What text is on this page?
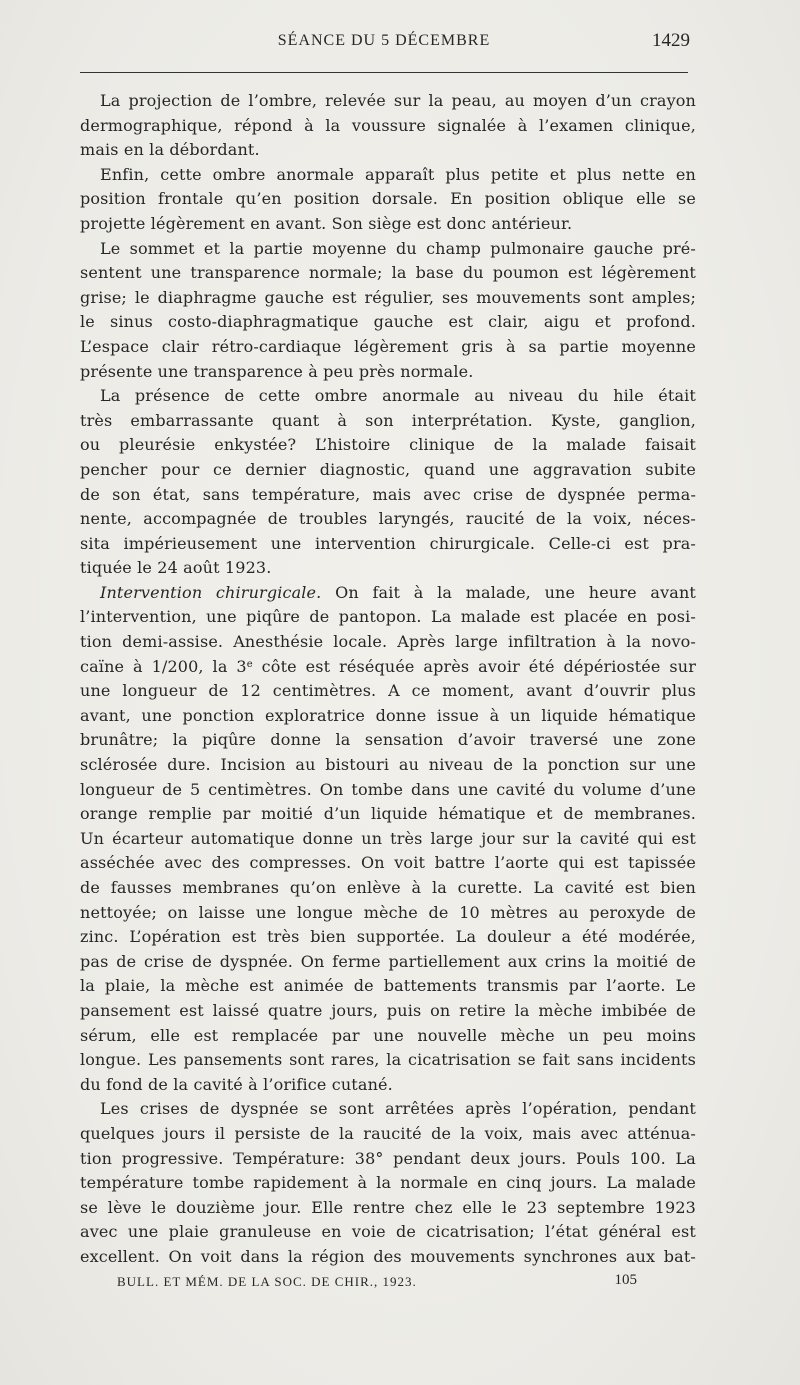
SÉANCE DU 5 DÉCEMBRE	1429

La projection de l’ombre, relevée sur la peau, au moyen d’un crayon

dermographique, répond à la voussure signalée à l’examen clinique,

mais en la débordant.

Enfin, cette ombre anormale apparaît plus petite et plus nette en

position frontale qu’en position dorsale. En position oblique elle se

projette légèrement en avant. Son siège est donc antérieur.

Le sommet et la partie moyenne du champ pulmonaire gauche pré-

sentent une transparence normale; la base du poumon est légèrement

grise; le diaphragme gauche est régulier, ses mouvements sont amples;

le sinus costo-diaphragmatique gauche est clair, aigu et profond.

L’espace clair rétro-cardiaque légèrement gris à sa partie moyenne

présente une transparence à peu près normale.

La présence de cette ombre anormale au niveau du hile était

très embarrassante quant à son interprétation. Kyste, ganglion,

ou pleurésie enkystée? L’histoire clinique de la malade faisait

pencher pour ce dernier diagnostic, quand une aggravation subite

de son état, sans température, mais avec crise de dyspnée perma-

nente, accompagnée de troubles laryngés, raucité de la voix, néces-

sita impérieusement une intervention chirurgicale. Celle-ci est pra-

tiquée le 24 août 1923.

Intervention chirurgicale. On fait à la malade, une heure avant

l’intervention, une piqûre de pantopon. La malade est placée en posi-

tion demi-assise. Anesthésie locale. Après large infiltration à la novo-

caïne à 1/200, la 3e côte est réséquée après avoir été dépériostée sur

une longueur de 12 centimètres. A ce moment, avant d’ouvrir plus

avant, une ponction exploratrice donne issue à un liquide hématique

brunâtre; la piqûre donne la sensation d’avoir traversé une zone

sclérosée dure. Incision au bistouri au niveau de la ponction sur une

longueur de 5 centimètres. On tombe dans une cavité du volume d’une

orange remplie par moitié d’un liquide hématique et de membranes.

Un écarteur automatique donne un très large jour sur la cavité qui est

asséchée avec des compresses. On voit battre l’aorte qui est tapissée

de fausses membranes qu’on enlève à la curette. La cavité est bien

nettoyée; on laisse une longue mèche de 10 mètres au peroxyde de

zinc. L’opération est très bien supportée. La douleur a été modérée,

pas de crise de dyspnée. On ferme partiellement aux crins la moitié de

la plaie, la mèche est animée de battements transmis par l’aorte. Le

pansement est laissé quatre jours, puis on retire la mèche imbibée de

sérum, elle est remplacée par une nouvelle mèche un peu moins

longue. Les pansements sont rares, la cicatrisation se fait sans incidents

du fond de la cavité à l’orifice cutané.

Les crises de dyspnée se sont arrêtées après l’opération, pendant

quelques jours il persiste de la raucité de la voix, mais avec atténua-

tion progressive. Température: 38° pendant deux jours. Pouls 100. La

température tombe rapidement à la normale en cinq jours. La malade

se lève le douzième jour. Elle rentre chez elle le 23 septembre 1923

avec une plaie granuleuse en voie de cicatrisation; l’état général est

excellent. On voit dans la région des mouvements synchrones aux bat-

BULL. ET MÉM. DE LA SOC. DE CHIR., 1923.	105
